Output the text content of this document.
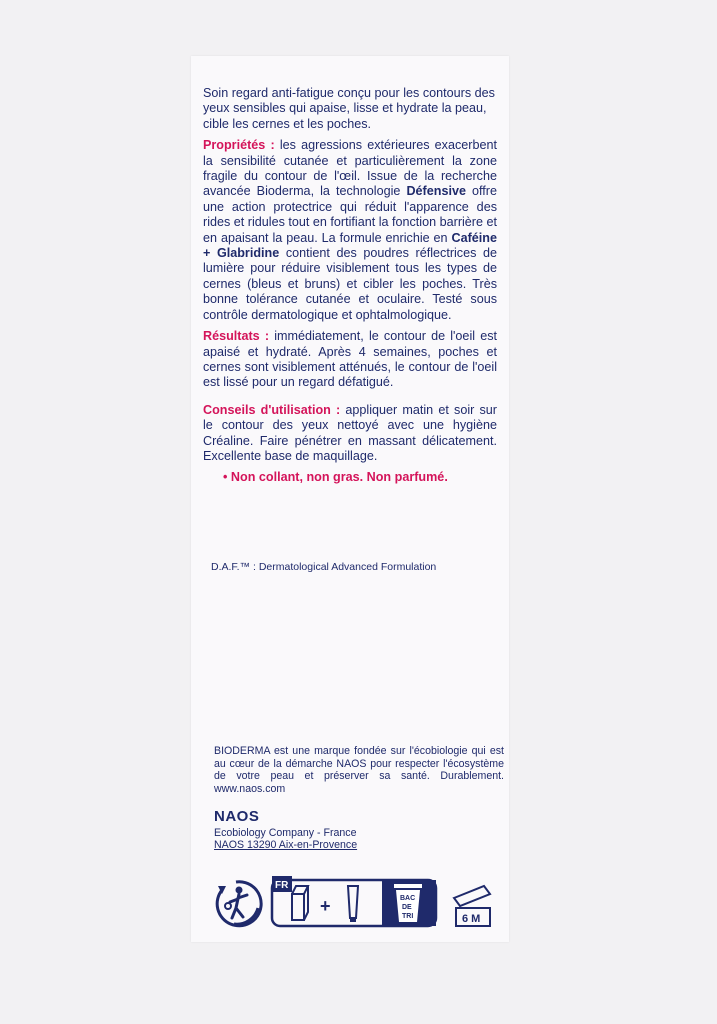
Soin regard anti-fatigue conçu pour les contours des yeux sensibles qui apaise, lisse et hydrate la peau, cible les cernes et les poches.

Propriétés : les agressions extérieures exacerbent la sensibilité cutanée et particulièrement la zone fragile du contour de l'œil. Issue de la recherche avancée Bioderma, la technologie Défensive offre une action protectrice qui réduit l'apparence des rides et ridules tout en fortifiant la fonction barrière et en apaisant la peau. La formule enrichie en Caféine + Glabridine contient des poudres réflectrices de lumière pour réduire visiblement tous les types de cernes (bleus et bruns) et cibler les poches. Très bonne tolérance cutanée et oculaire. Testé sous contrôle dermatologique et ophtalmologique.

Résultats : immédiatement, le contour de l'oeil est apaisé et hydraté. Après 4 semaines, poches et cernes sont visiblement atténués, le contour de l'oeil est lissé pour un regard défatigué.

Conseils d'utilisation : appliquer matin et soir sur le contour des yeux nettoyé avec une hygiène Créaline. Faire pénétrer en massant délicatement. Excellente base de maquillage.

• Non collant, non gras. Non parfumé.
D.A.F.™ : Dermatological Advanced Formulation
BIODERMA est une marque fondée sur l'écobiologie qui est au cœur de la démarche NAOS pour respecter l'écosystème de votre peau et préserver sa santé. Durablement. www.naos.com
NAOS
Ecobiology Company - France
NAOS 13290 Aix-en-Provence
FR
+	BAC
DE
TRI	6 M
